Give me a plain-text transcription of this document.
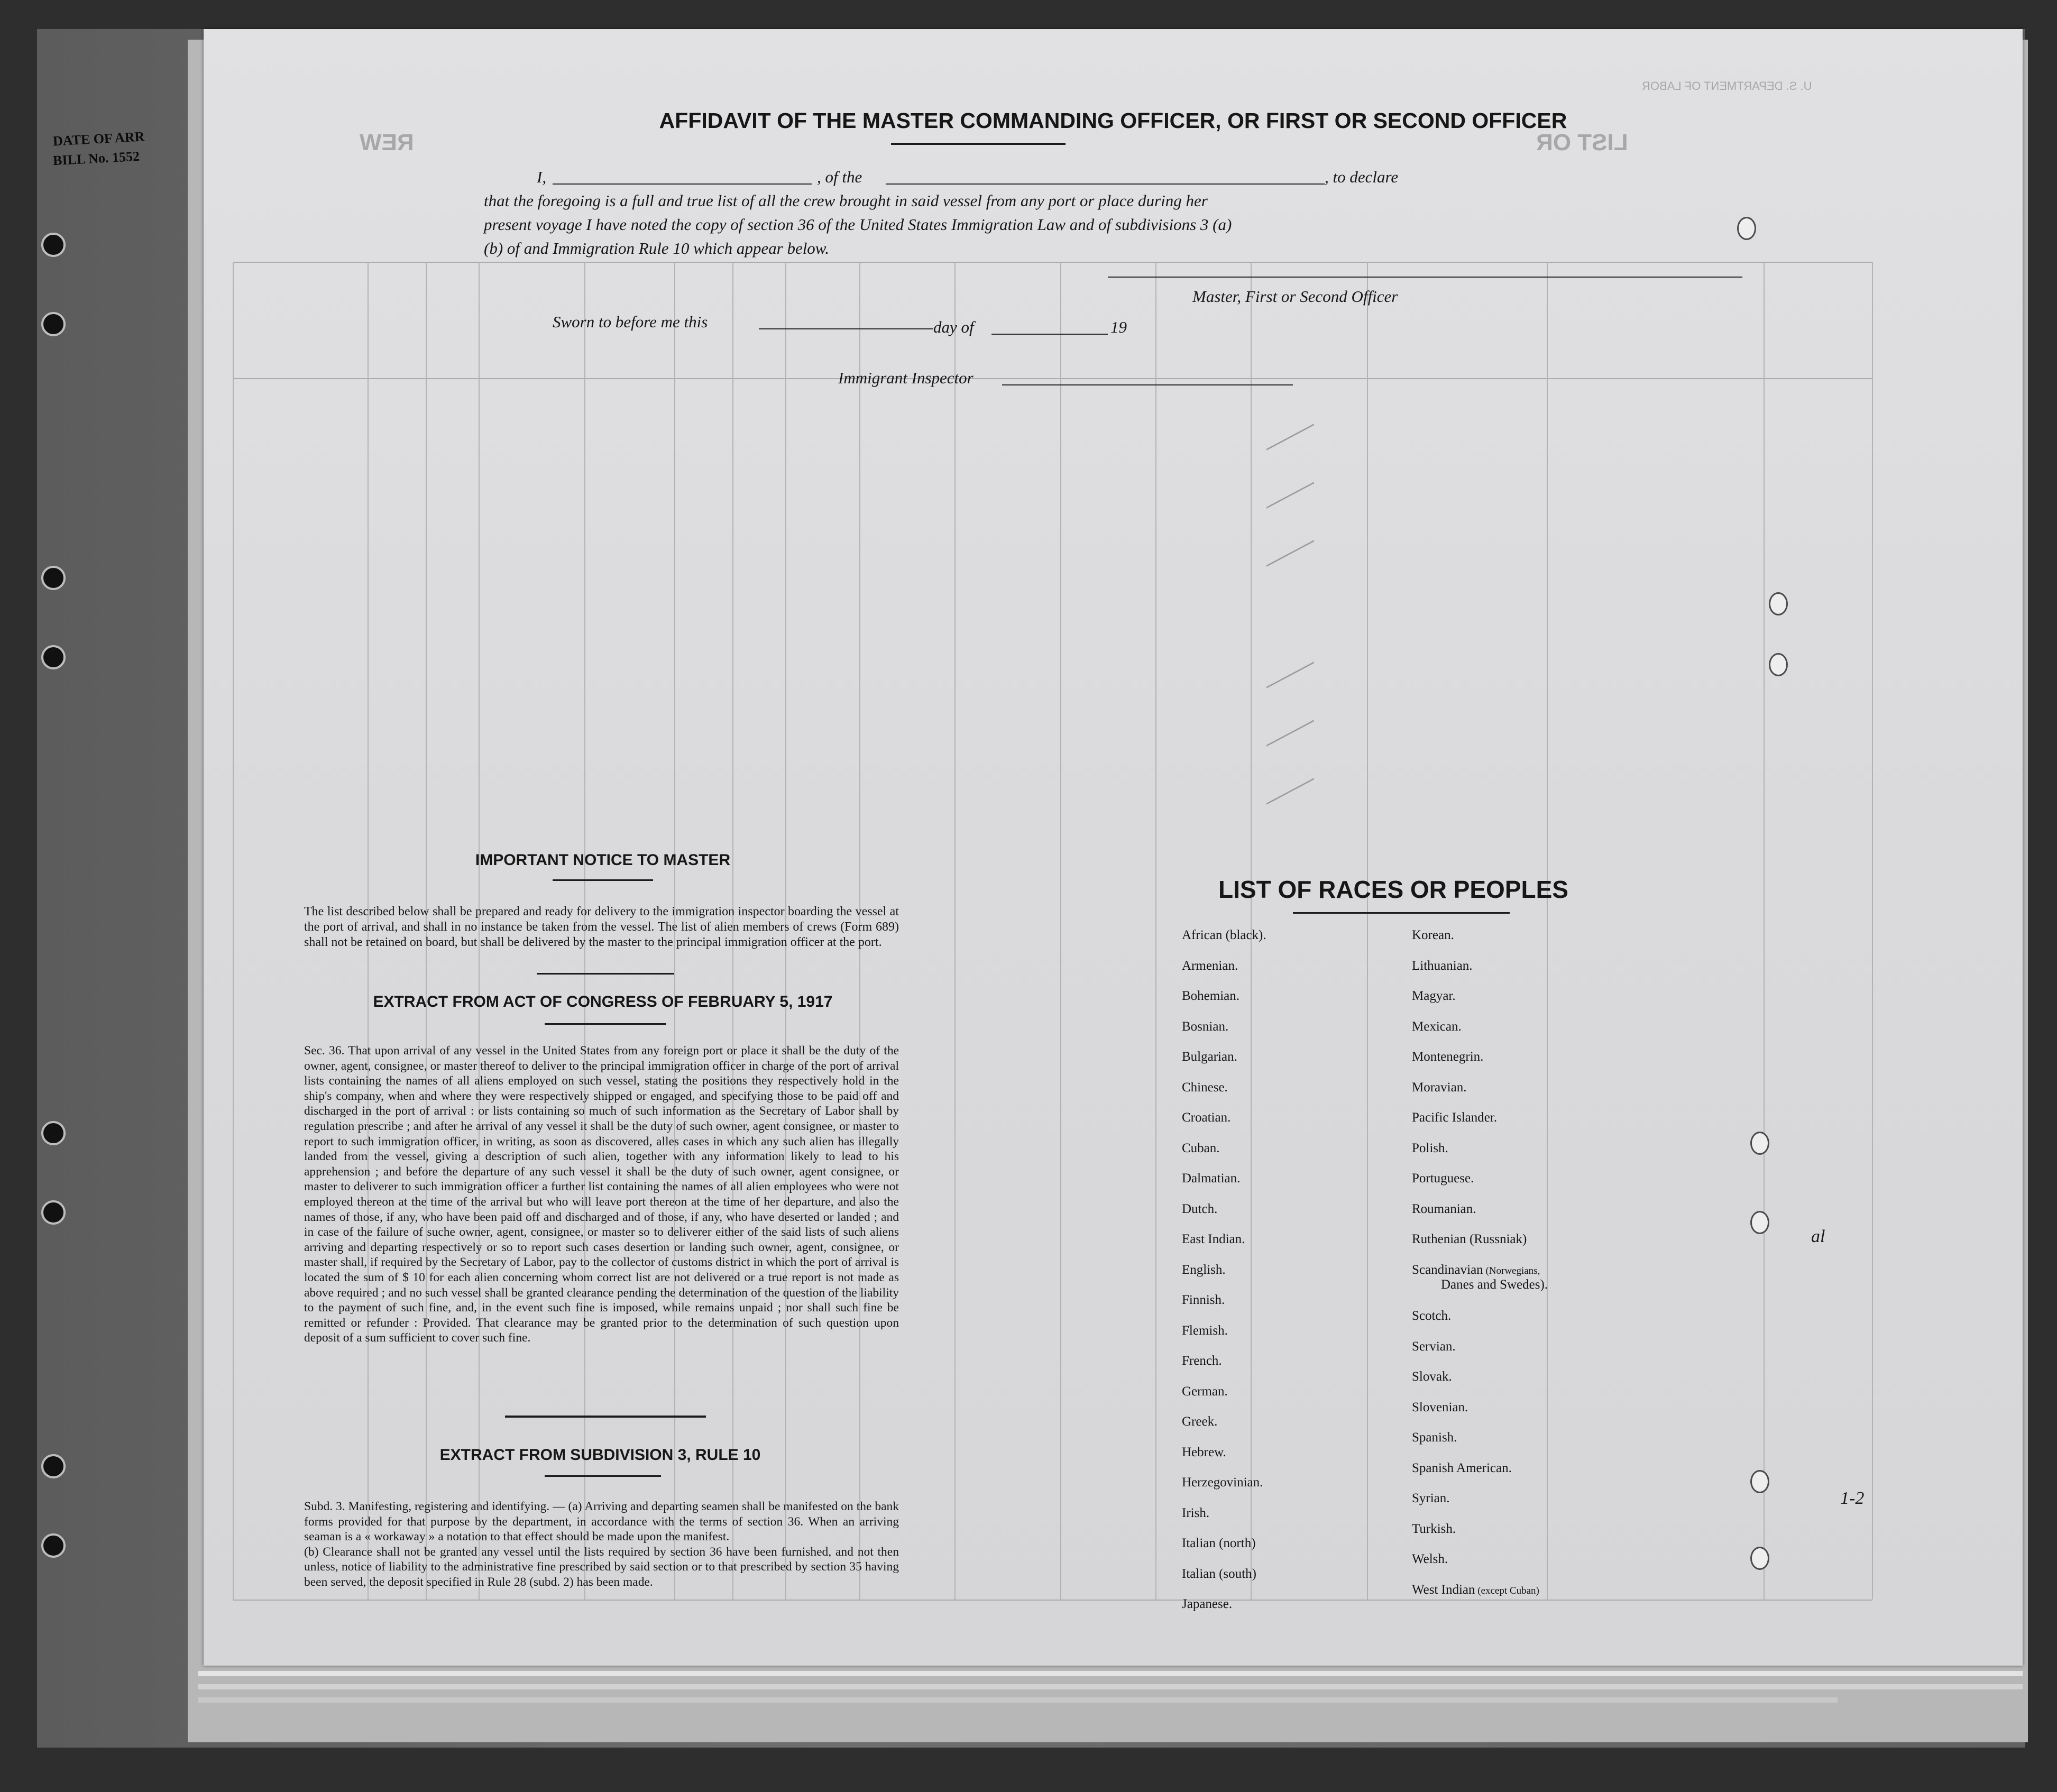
DATE OF ARR
BILL No. 1552
LIST OR
REW
U. S. DEPARTMENT OF LABOR
AFFIDAVIT OF THE MASTER COMMANDING OFFICER, OR FIRST OR SECOND OFFICER
I,	, of the	, to declare
that the foregoing is a full and true list of all the crew brought in said vessel from any port or place during her
present voyage I have noted the copy of section 36 of the United States Immigration Law and of subdivisions 3 (a)
(b) of and Immigration Rule 10 which appear below.
Master, First or Second Officer
Sworn to before me this	day of	19
Immigrant Inspector
IMPORTANT NOTICE TO MASTER

The list described below shall be prepared and ready for delivery to the immigration inspector boarding the vessel at the port of arrival, and shall in no instance be taken from the vessel. The list of alien members of crews (Form 689) shall not be retained on board, but shall be delivered by the master to the principal immigration officer at the port.

EXTRACT FROM ACT OF CONGRESS OF FEBRUARY 5, 1917

Sec. 36. That upon arrival of any vessel in the United States from any foreign port or place it shall be the duty of the owner, agent, consignee, or master thereof to deliver to the principal immigration officer in charge of the port of arrival lists containing the names of all aliens employed on such vessel, stating the positions they respectively hold in the ship's company, when and where they were respectively shipped or engaged, and specifying those to be paid off and discharged in the port of arrival : or lists containing so much of such information as the Secretary of Labor shall by regulation prescribe ; and after he arrival of any vessel it shall be the duty of such owner, agent consignee, or master to report to such immigration officer, in writing, as soon as discovered, alles cases in which any such alien has illegally landed from the vessel, giving a description of such alien, together with any information likely to lead to his apprehension ; and before the departure of any such vessel it shall be the duty of such owner, agent consignee, or master to deliverer to such immigration officer a further list containing the names of all alien employees who were not employed thereon at the time of the arrival but who will leave port thereon at the time of her departure, and also the names of those, if any, who have been paid off and discharged and of those, if any, who have deserted or landed ; and in case of the failure of suche owner, agent, consignee, or master so to deliverer either of the said lists of such aliens arriving and departing respectively or so to report such cases desertion or landing such owner, agent, consignee, or master shall, if required by the Secretary of Labor, pay to the collector of customs district in which the port of arrival is located the sum of $ 10 for each alien concerning whom correct list are not delivered or a true report is not made as above required ; and no such vessel shall be granted clearance pending the determination of the question of the liability to the payment of such fine, and, in the event such fine is imposed, while remains unpaid ; nor shall such fine be remitted or refunder : Provided. That clearance may be granted prior to the determination of such question upon deposit of a sum sufficient to cover such fine.

EXTRACT FROM SUBDIVISION 3, RULE 10

Subd. 3. Manifesting, registering and identifying. — (a) Arriving and departing seamen shall be manifested on the bank forms provided for that purpose by the department, in accordance with the terms of section 36. When an arriving seaman is a « workaway » a notation to that effect should be made upon the manifest.

(b) Clearance shall not be granted any vessel until the lists required by section 36 have been furnished, and not then unless, notice of liability to the administrative fine prescribed by said section or to that prescribed by section 35 having been served, the deposit specified in Rule 28 (subd. 2) has been made.

LIST OF RACES OR PEOPLES
African (black).
Armenian.
Bohemian.
Bosnian.
Bulgarian.
Chinese.
Croatian.
Cuban.
Dalmatian.
Dutch.
East Indian.
English.
Finnish.
Flemish.
French.
German.
Greek.
Hebrew.
Herzegovinian.
Irish.
Italian (north)
Italian (south)
Japanese.
Korean.
Lithuanian.
Magyar.
Mexican.
Montenegrin.
Moravian.
Pacific Islander.
Polish.
Portuguese.
Roumanian.
Ruthenian (Russniak)
Scandinavian (Norwegians,
Danes and Swedes).
Scotch.
Servian.
Slovak.
Slovenian.
Spanish.
Spanish American.
Syrian.
Turkish.
Welsh.
West Indian (except Cuban)
al
1-2
